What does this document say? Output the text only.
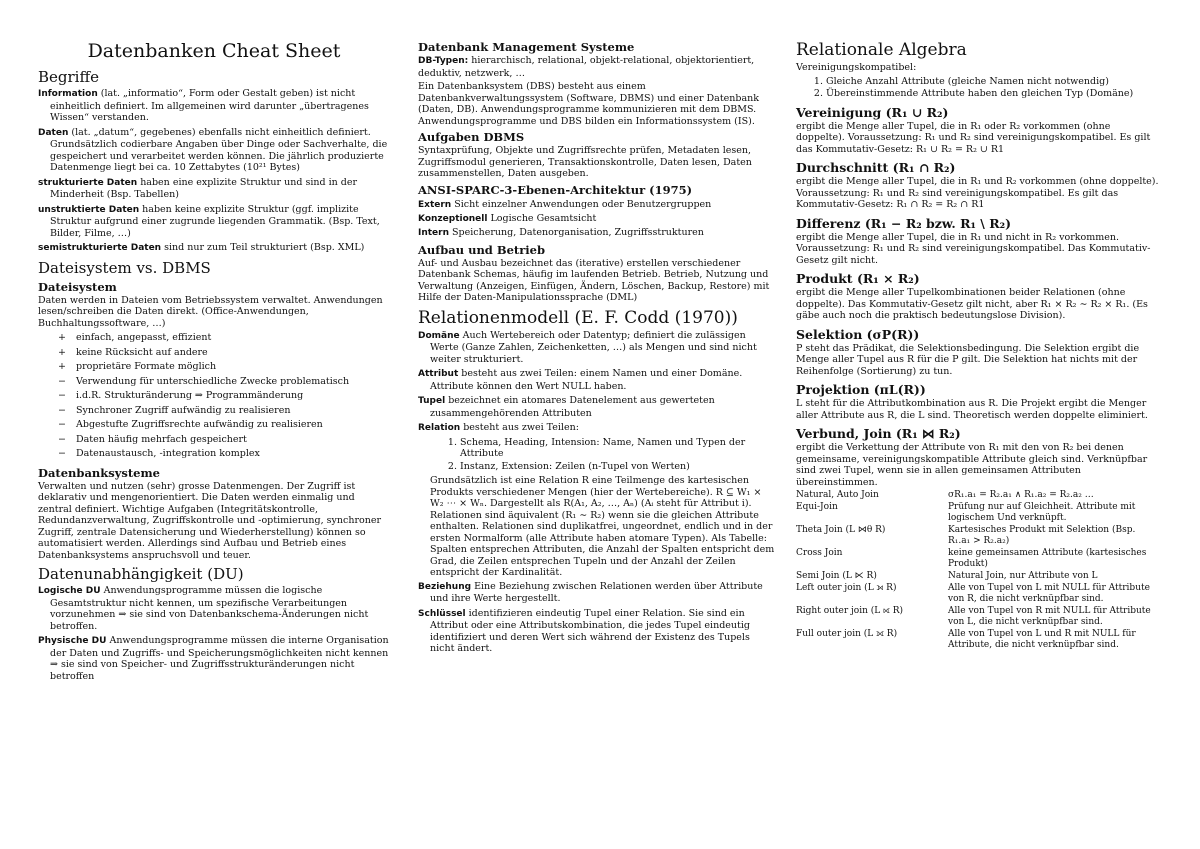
Datenbanken Cheat Sheet
Begriffe
Information (lat. „informatio“, Form oder Gestalt geben) ist nicht einheitlich definiert. Im allgemeinen wird darunter „übertragenes Wissen“ verstanden.
Daten (lat. „datum“, gegebenes) ebenfalls nicht einheitlich definiert. Grundsätzlich codierbare Angaben über Dinge oder Sachverhalte, die gespeichert und verarbeitet werden können. Die jährlich produzierte Datenmenge liegt bei ca. 10 Zettabytes (10²¹ Bytes)
strukturierte Daten haben eine explizite Struktur und sind in der Minderheit (Bsp. Tabellen)
unstruktierte Daten haben keine explizite Struktur (ggf. implizite Struktur aufgrund einer zugrunde liegenden Grammatik. (Bsp. Text, Bilder, Filme, …)
semistrukturierte Daten sind nur zum Teil strukturiert (Bsp. XML)
Dateisystem vs. DBMS
Dateisystem

Daten werden in Dateien vom Betriebssystem verwaltet. Anwendungen lesen/schreiben die Daten direkt. (Office-Anwendungen, Buchhaltungssoftware, …)

+ einfach, angepasst, effizient
+ keine Rücksicht auf andere
+ proprietäre Formate möglich
− Verwendung für unterschiedliche Zwecke problematisch
− i.d.R. Strukturänderung ⇒ Programmänderung
− Synchroner Zugriff aufwändig zu realisieren
− Abgestufte Zugriffsrechte aufwändig zu realisieren
− Daten häufig mehrfach gespeichert
− Datenaustausch, -integration komplex
Datenbanksysteme

Verwalten und nutzen (sehr) grosse Datenmengen. Der Zugriff ist deklarativ und mengenorientiert. Die Daten werden einmalig und zentral definiert. Wichtige Aufgaben (Integritätskontrolle, Redundanzverwaltung, Zugriffskontrolle und -optimierung, synchroner Zugriff, zentrale Datensicherung und Wiederherstellung) können so automatisiert werden. Allerdings sind Aufbau und Betrieb eines Datenbanksystems anspruchsvoll und teuer.

Datenunabhängigkeit (DU)
Logische DU Anwendungsprogramme müssen die logische Gesamtstruktur nicht kennen, um spezifische Verarbeitungen vorzunehmen ⇒ sie sind von Datenbankschema-Änderungen nicht betroffen.
Physische DU Anwendungsprogramme müssen die interne Organisation der Daten und Zugriffs- und Speicherungsmöglichkeiten nicht kennen ⇒ sie sind von Speicher- und Zugriffsstrukturänderungen nicht betroffen
Datenbank Management Systeme

DB-Typen: hierarchisch, relational, objekt-relational, objektorientiert, deduktiv, netzwerk, …

Ein Datenbanksystem (DBS) besteht aus einem Datenbankverwaltungssystem (Software, DBMS) und einer Datenbank (Daten, DB). Anwendungsprogramme kommunizieren mit dem DBMS. Anwendungsprogramme und DBS bilden ein Informationssystem (IS).

Aufgaben DBMS

Syntaxprüfung, Objekte und Zugriffsrechte prüfen, Metadaten lesen, Zugriffsmodul generieren, Transaktionskontrolle, Daten lesen, Daten zusammenstellen, Daten ausgeben.

ANSI-SPARC-3-Ebenen-Architektur (1975)
Extern Sicht einzelner Anwendungen oder Benutzergruppen
Konzeptionell Logische Gesamtsicht
Intern Speicherung, Datenorganisation, Zugriffsstrukturen
Aufbau und Betrieb

Auf- und Ausbau bezeichnet das (iterative) erstellen verschiedener Datenbank Schemas, häufig im laufenden Betrieb. Betrieb, Nutzung und Verwaltung (Anzeigen, Einfügen, Ändern, Löschen, Backup, Restore) mit Hilfe der Daten-Manipulationssprache (DML)

Relationenmodell (E. F. Codd (1970))
Domäne Auch Wertebereich oder Datentyp; definiert die zulässigen Werte (Ganze Zahlen, Zeichenketten, …) als Mengen und sind nicht weiter strukturiert.
Attribut besteht aus zwei Teilen: einem Namen und einer Domäne. Attribute können den Wert NULL haben.
Tupel bezeichnet ein atomares Datenelement aus gewerteten zusammengehörenden Attributen
Relation besteht aus zwei Teilen:
1. Schema, Heading, Intension: Name, Namen und Typen der Attribute
2. Instanz, Extension: Zeilen (n-Tupel von Werten)

Grundsätzlich ist eine Relation R eine Teilmenge des kartesischen Produkts verschiedener Mengen (hier der Wertebereiche). R ⊆ W₁ × W₂ ⋯ × Wₙ. Dargestellt als R(A₁, A₂, …, Aₙ) (Aᵢ steht für Attribut i). Relationen sind äquivalent (R₁ ∼ R₂) wenn sie die gleichen Attribute enthalten. Relationen sind duplikatfrei, ungeordnet, endlich und in der ersten Normalform (alle Attribute haben atomare Typen). Als Tabelle: Spalten entsprechen Attributen, die Anzahl der Spalten entspricht dem Grad, die Zeilen entsprechen Tupeln und der Anzahl der Zeilen entspricht der Kardinalität.

Beziehung Eine Beziehung zwischen Relationen werden über Attribute und ihre Werte hergestellt.
Schlüssel identifizieren eindeutig Tupel einer Relation. Sie sind ein Attribut oder eine Attributskombination, die jedes Tupel eindeutig identifiziert und deren Wert sich während der Existenz des Tupels nicht ändert.
Relationale Algebra

Vereinigungskompatibel:

1. Gleiche Anzahl Attribute (gleiche Namen nicht notwendig)
2. Übereinstimmende Attribute haben den gleichen Typ (Domäne)
Vereinigung (R₁ ∪ R₂)

ergibt die Menge aller Tupel, die in R₁ oder R₂ vorkommen (ohne doppelte). Voraussetzung: R₁ und R₂ sind vereinigungskompatibel. Es gilt das Kommutativ-Gesetz: R₁ ∪ R₂ = R₂ ∪ R1

Durchschnitt (R₁ ∩ R₂)

ergibt die Menge aller Tupel, die in R₁ und R₂ vorkommen (ohne doppelte). Voraussetzung: R₁ und R₂ sind vereinigungskompatibel. Es gilt das Kommutativ-Gesetz: R₁ ∩ R₂ = R₂ ∩ R1

Differenz (R₁ − R₂ bzw. R₁ \ R₂)

ergibt die Menge aller Tupel, die in R₁ und nicht in R₂ vorkommen. Voraussetzung: R₁ und R₂ sind vereinigungskompatibel. Das Kommutativ-Gesetz gilt nicht.

Produkt (R₁ × R₂)

ergibt die Menge aller Tupelkombinationen beider Relationen (ohne doppelte). Das Kommutativ-Gesetz gilt nicht, aber R₁ × R₂ ∼ R₂ × R₁. (Es gäbe auch noch die praktisch bedeutungslose Division).

Selektion (σP(R))

P steht das Prädikat, die Selektionsbedingung. Die Selektion ergibt die Menge aller Tupel aus R für die P gilt. Die Selektion hat nichts mit der Reihenfolge (Sortierung) zu tun.

Projektion (πL(R))

L steht für die Attributkombination aus R. Die Projekt ergibt die Menger aller Attribute aus R, die L sind. Theoretisch werden doppelte eliminiert.

Verbund, Join (R₁ ⋈ R₂)

ergibt die Verkettung der Attribute von R₁ mit den von R₂ bei denen gemeinsame, vereinigungskompatible Attribute gleich sind. Verknüpfbar sind zwei Tupel, wenn sie in allen gemeinsamen Attributen übereinstimmen.

Natural, Auto Join	σR₁.a₁ = R₂.a₁ ∧ R₁.a₂ = R₂.a₂ …
Equi-Join	Prüfung nur auf Gleichheit. Attribute mit logischem Und verknüpft.
Theta Join (L ⋈θ R)	Kartesisches Produkt mit Selektion (Bsp. R₁.a₁ > R₂.a₂)
Cross Join	keine gemeinsamen Attribute (kartesisches Produkt)
Semi Join (L ⋉ R)	Natural Join, nur Attribute von L
Left outer join (L ⟕ R)	Alle von Tupel von L mit NULL für Attribute von R, die nicht verknüpfbar sind.
Right outer join (L ⟖ R)	Alle von Tupel von R mit NULL für Attribute von L, die nicht verknüpfbar sind.
Full outer join (L ⟗ R)	Alle von Tupel von L und R mit NULL für Attribute, die nicht verknüpfbar sind.
